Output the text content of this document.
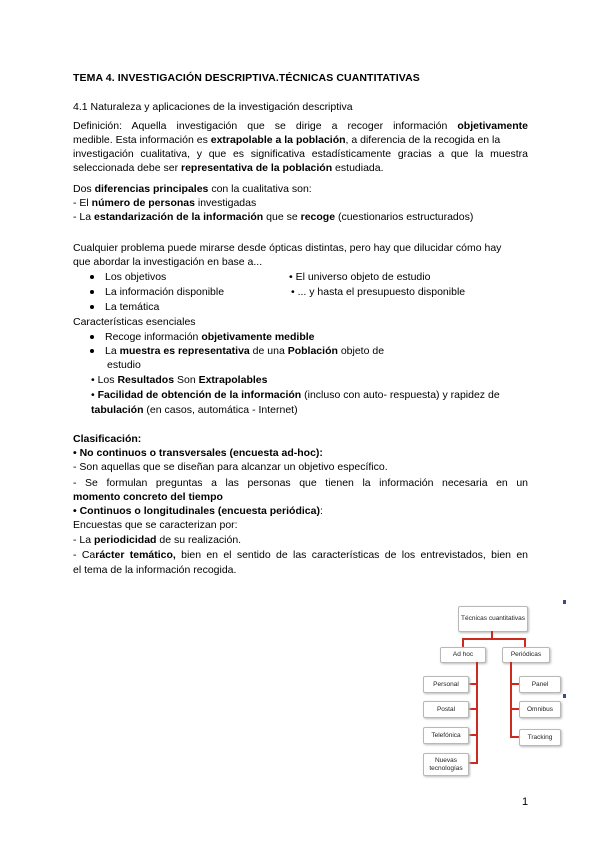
TEMA 4. INVESTIGACIÓN DESCRIPTIVA.TÉCNICAS CUANTITATIVAS
4.1 Naturaleza y aplicaciones de la investigación descriptiva
Definición: Aquella investigación que se dirige a recoger información objetivamente
medible. Esta información es extrapolable a la población, a diferencia de la recogida en la
investigación cualitativa, y que es significativa estadísticamente gracias a que la muestra
seleccionada debe ser representativa de la población estudiada.
Dos diferencias principales con la cualitativa son:
- El número de personas investigadas
- La estandarización de la información que se recoge (cuestionarios estructurados)
Cualquier problema puede mirarse desde ópticas distintas, pero hay que dilucidar cómo hay
que abordar la investigación en base a...
Los objetivos
La información disponible
La temática
• El universo objeto de estudio
• ... y hasta el presupuesto disponible
Características esenciales
Recoge información objetivamente medible
La muestra es representativa de una Población objeto de
estudio
• Los Resultados Son Extrapolables
• Facilidad de obtención de la información (incluso con auto- respuesta) y rapidez de
tabulación (en casos, automática - Internet)
Clasificación:
• No continuos o transversales (encuesta ad-hoc):
- Son aquellas que se diseñan para alcanzar un objetivo específico.
- Se formulan preguntas a las personas que tienen la información necesaria en un
momento concreto del tiempo
• Continuos o longitudinales (encuesta periódica):
Encuestas que se caracterizan por:
- La periodicidad de su realización.
- Carácter temático, bien en el sentido de las características de los entrevistados, bien en
el tema de la información recogida.
Técnicas cuantitativas
Ad hoc	Periódicas
Personal
Postal
Telefónica
Nuevas tecnologías
Panel
Omnibus
Tracking
1
